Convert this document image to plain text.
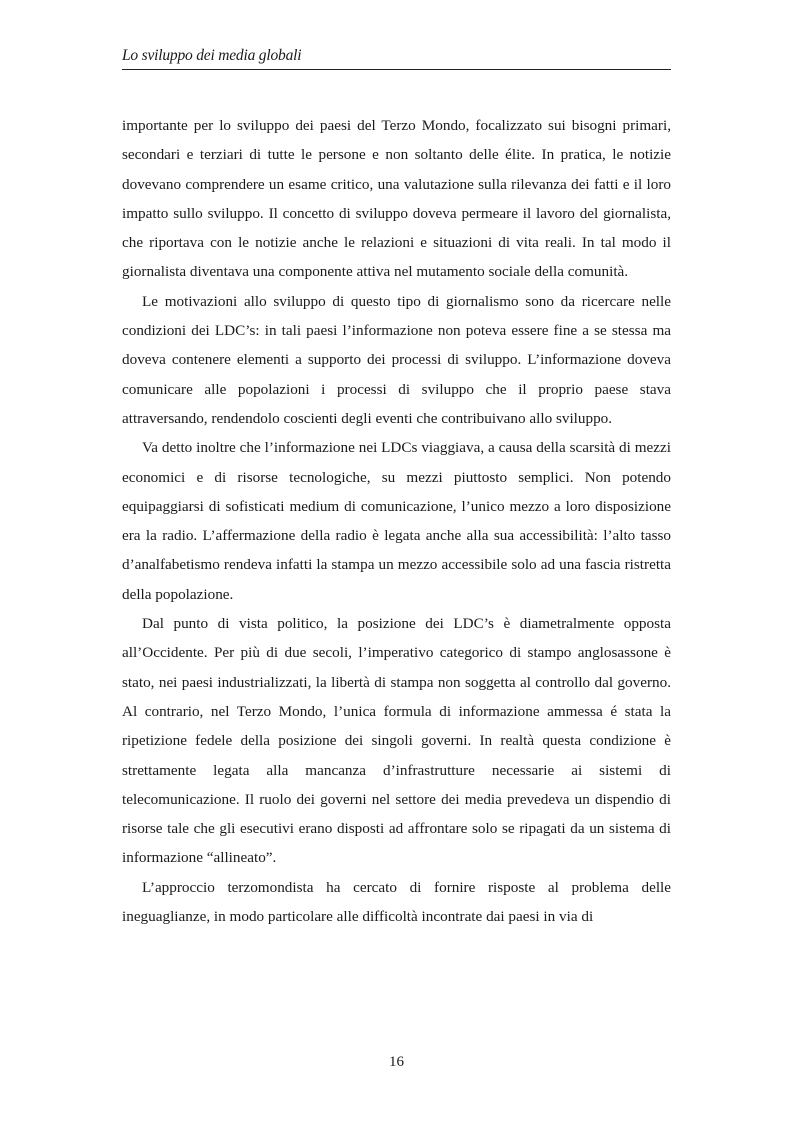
Lo sviluppo dei media globali

importante per lo sviluppo dei paesi del Terzo Mondo, focalizzato sui bisogni primari, secondari e terziari di tutte le persone e non soltanto delle élite. In pratica, le notizie dovevano comprendere un esame critico, una valutazione sulla rilevanza dei fatti e il loro impatto sullo sviluppo. Il concetto di sviluppo doveva permeare il lavoro del giornalista, che riportava con le notizie anche le relazioni e situazioni di vita reali. In tal modo il giornalista diventava una componente attiva nel mutamento sociale della comunità.

Le motivazioni allo sviluppo di questo tipo di giornalismo sono da ricercare nelle condizioni dei LDC’s: in tali paesi l’informazione non poteva essere fine a se stessa ma doveva contenere elementi a supporto dei processi di sviluppo. L’informazione doveva comunicare alle popolazioni i processi di sviluppo che il proprio paese stava attraversando, rendendolo coscienti degli eventi che contribuivano allo sviluppo.

Va detto inoltre che l’informazione nei LDCs viaggiava, a causa della scarsità di mezzi economici e di risorse tecnologiche, su mezzi piuttosto semplici. Non potendo equipaggiarsi di sofisticati medium di comunicazione, l’unico mezzo a loro disposizione era la radio. L’affermazione della radio è legata anche alla sua accessibilità: l’alto tasso d’analfabetismo rendeva infatti la stampa un mezzo accessibile solo ad una fascia ristretta della popolazione.

Dal punto di vista politico, la posizione dei LDC’s è diametralmente opposta all’Occidente. Per più di due secoli, l’imperativo categorico di stampo anglosassone è stato, nei paesi industrializzati, la libertà di stampa non soggetta al controllo dal governo. Al contrario, nel Terzo Mondo, l’unica formula di informazione ammessa é stata la ripetizione fedele della posizione dei singoli governi. In realtà questa condizione è strettamente legata alla mancanza d’infrastrutture necessarie ai sistemi di telecomunicazione. Il ruolo dei governi nel settore dei media prevedeva un dispendio di risorse tale che gli esecutivi erano disposti ad affrontare solo se ripagati da un sistema di informazione “allineato”.

L’approccio terzomondista ha cercato di fornire risposte al problema delle ineguaglianze, in modo particolare alle difficoltà incontrate dai paesi in via di

16
